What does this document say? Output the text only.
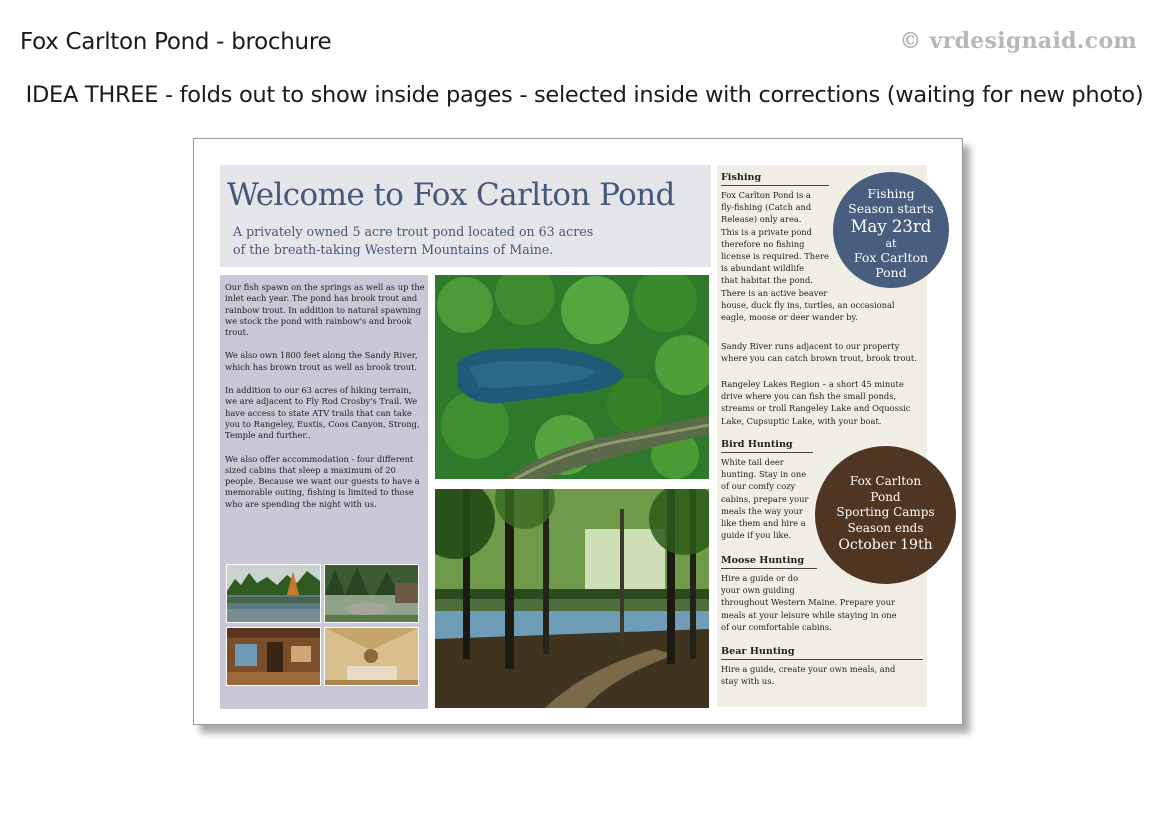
Fox Carlton Pond - brochure	© vrdesignaid.com
IDEA THREE - folds out to show inside pages - selected inside with corrections (waiting for new photo)
Welcome to Fox Carlton Pond
A privately owned 5 acre trout pond located on 63 acres
of the breath-taking Western Mountains of Maine.

Our fish spawn on the springs as well as up the inlet each year. The pond has brook trout and rainbow trout. In addition to natural spawning we stock the pond with rainbow's and brook trout.

We also own 1800 feet along the Sandy River, which has brown trout as well as brook trout.

In addition to our 63 acres of hiking terrain, we are adjacent to Fly Rod Crosby's Trail. We have access to state ATV trails that can take you to Rangeley, Eustis, Coos Canyon, Strong, Temple and further..

We also offer accommodation - four different sized cabins that sleep a maximum of 20 people. Because we want our guests to have a memorable outing, fishing is limited to those who are spending the night with us.

Fishing
Fox Carlton Pond is a
fly-fishing (Catch and
Release) only area.
This is a private pond
therefore no fishing
license is required. There
is abundant wildlife
that habitat the pond.
There is an active beaver
house, duck fly ins, turtles, an occasional
eagle, moose or deer wander by.
Sandy River runs adjacent to our property where you can catch brown trout, brook trout.
Rangeley Lakes Region – a short 45 minute drive where you can fish the small ponds, streams or troll Rangeley Lake and Oquossic Lake, Cupsuptic Lake, with your boat.
Bird Hunting
White tail deer
hunting. Stay in one
of our comfy cozy
cabins, prepare your
meals the way your
like them and hire a
guide if you like.
Moose Hunting
Hire a guide or do
your own guiding
throughout Western Maine. Prepare your
meals at your leisure while staying in one
of our comfortable cabins.
Bear Hunting
Hire a guide, create your own meals, and
stay with us.
Fishing
Season starts
May 23rd
at
Fox Carlton
Pond
Fox Carlton
Pond
Sporting Camps
Season ends
October 19th
